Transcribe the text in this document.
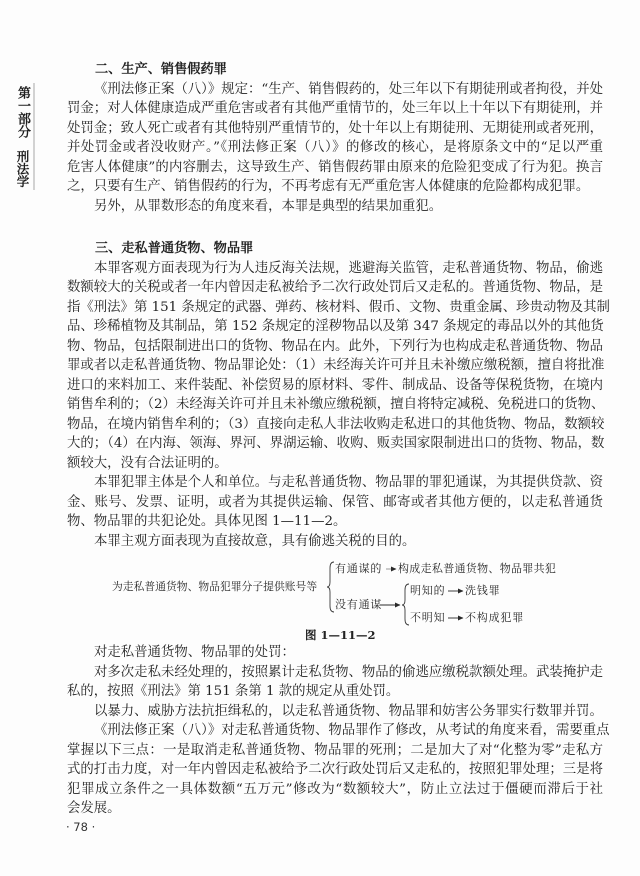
第一部分
刑法学
二、生产、销售假药罪
《刑法修正案（八）》规定：“生产、销售假药的，处三年以下有期徒刑或者拘役，并处
罚金；对人体健康造成严重危害或者有其他严重情节的，处三年以上十年以下有期徒刑，并
处罚金；致人死亡或者有其他特别严重情节的，处十年以上有期徒刑、无期徒刑或者死刑，
并处罚金或者没收财产。”《刑法修正案（八）》的修改的核心，是将原条文中的“足以严重
危害人体健康”的内容删去，这导致生产、销售假药罪由原来的危险犯变成了行为犯。换言
之，只要有生产、销售假药的行为，不再考虑有无严重危害人体健康的危险都构成犯罪。
另外，从罪数形态的角度来看，本罪是典型的结果加重犯。
三、走私普通货物、物品罪
本罪客观方面表现为行为人违反海关法规，逃避海关监管，走私普通货物、物品，偷逃
数额较大的关税或者一年内曾因走私被给予二次行政处罚后又走私的。普通货物、物品，是
指《刑法》第 151 条规定的武器、弹药、核材料、假币、文物、贵重金属、珍贵动物及其制
品、珍稀植物及其制品，第 152 条规定的淫秽物品以及第 347 条规定的毒品以外的其他货
物、物品，包括限制进出口的货物、物品在内。此外，下列行为也构成走私普通货物、物品
罪或者以走私普通货物、物品罪论处：（1）未经海关许可并且未补缴应缴税额，擅自将批准
进口的来料加工、来件装配、补偿贸易的原材料、零件、制成品、设备等保税货物，在境内
销售牟利的；（2）未经海关许可并且未补缴应缴税额，擅自将特定减税、免税进口的货物、
物品，在境内销售牟利的；（3）直接向走私人非法收购走私进口的其他货物、物品，数额较
大的；（4）在内海、领海、界河、界湖运输、收购、贩卖国家限制进出口的货物、物品，数
额较大，没有合法证明的。
本罪犯罪主体是个人和单位。与走私普通货物、物品罪的罪犯通谋，为其提供贷款、资
金、账号、发票、证明，或者为其提供运输、保管、邮寄或者其他方便的，以走私普通货
物、物品罪的共犯论处。具体见图 1—11—2。
本罪主观方面表现为直接故意，具有偷逃关税的目的。
为走私普通货物、物品犯罪分子提供账号等
有通谋的 构成走私普通货物、物品罪共犯
没有通谋
明知的 洗钱罪
不明知 不构成犯罪
图 1—11—2
对走私普通货物、物品罪的处罚：
对多次走私未经处理的，按照累计走私货物、物品的偷逃应缴税款额处理。武装掩护走
私的，按照《刑法》第 151 条第 1 款的规定从重处罚。
以暴力、威胁方法抗拒缉私的，以走私普通货物、物品罪和妨害公务罪实行数罪并罚。
《刑法修正案（八）》对走私普通货物、物品罪作了修改，从考试的角度来看，需要重点
掌握以下三点：一是取消走私普通货物、物品罪的死刑；二是加大了对“化整为零”走私方
式的打击力度，对一年内曾因走私被给予二次行政处罚后又走私的，按照犯罪处理；三是将
犯罪成立条件之一具体数额“五万元”修改为“数额较大”，防止立法过于僵硬而滞后于社
会发展。
· 78 ·
